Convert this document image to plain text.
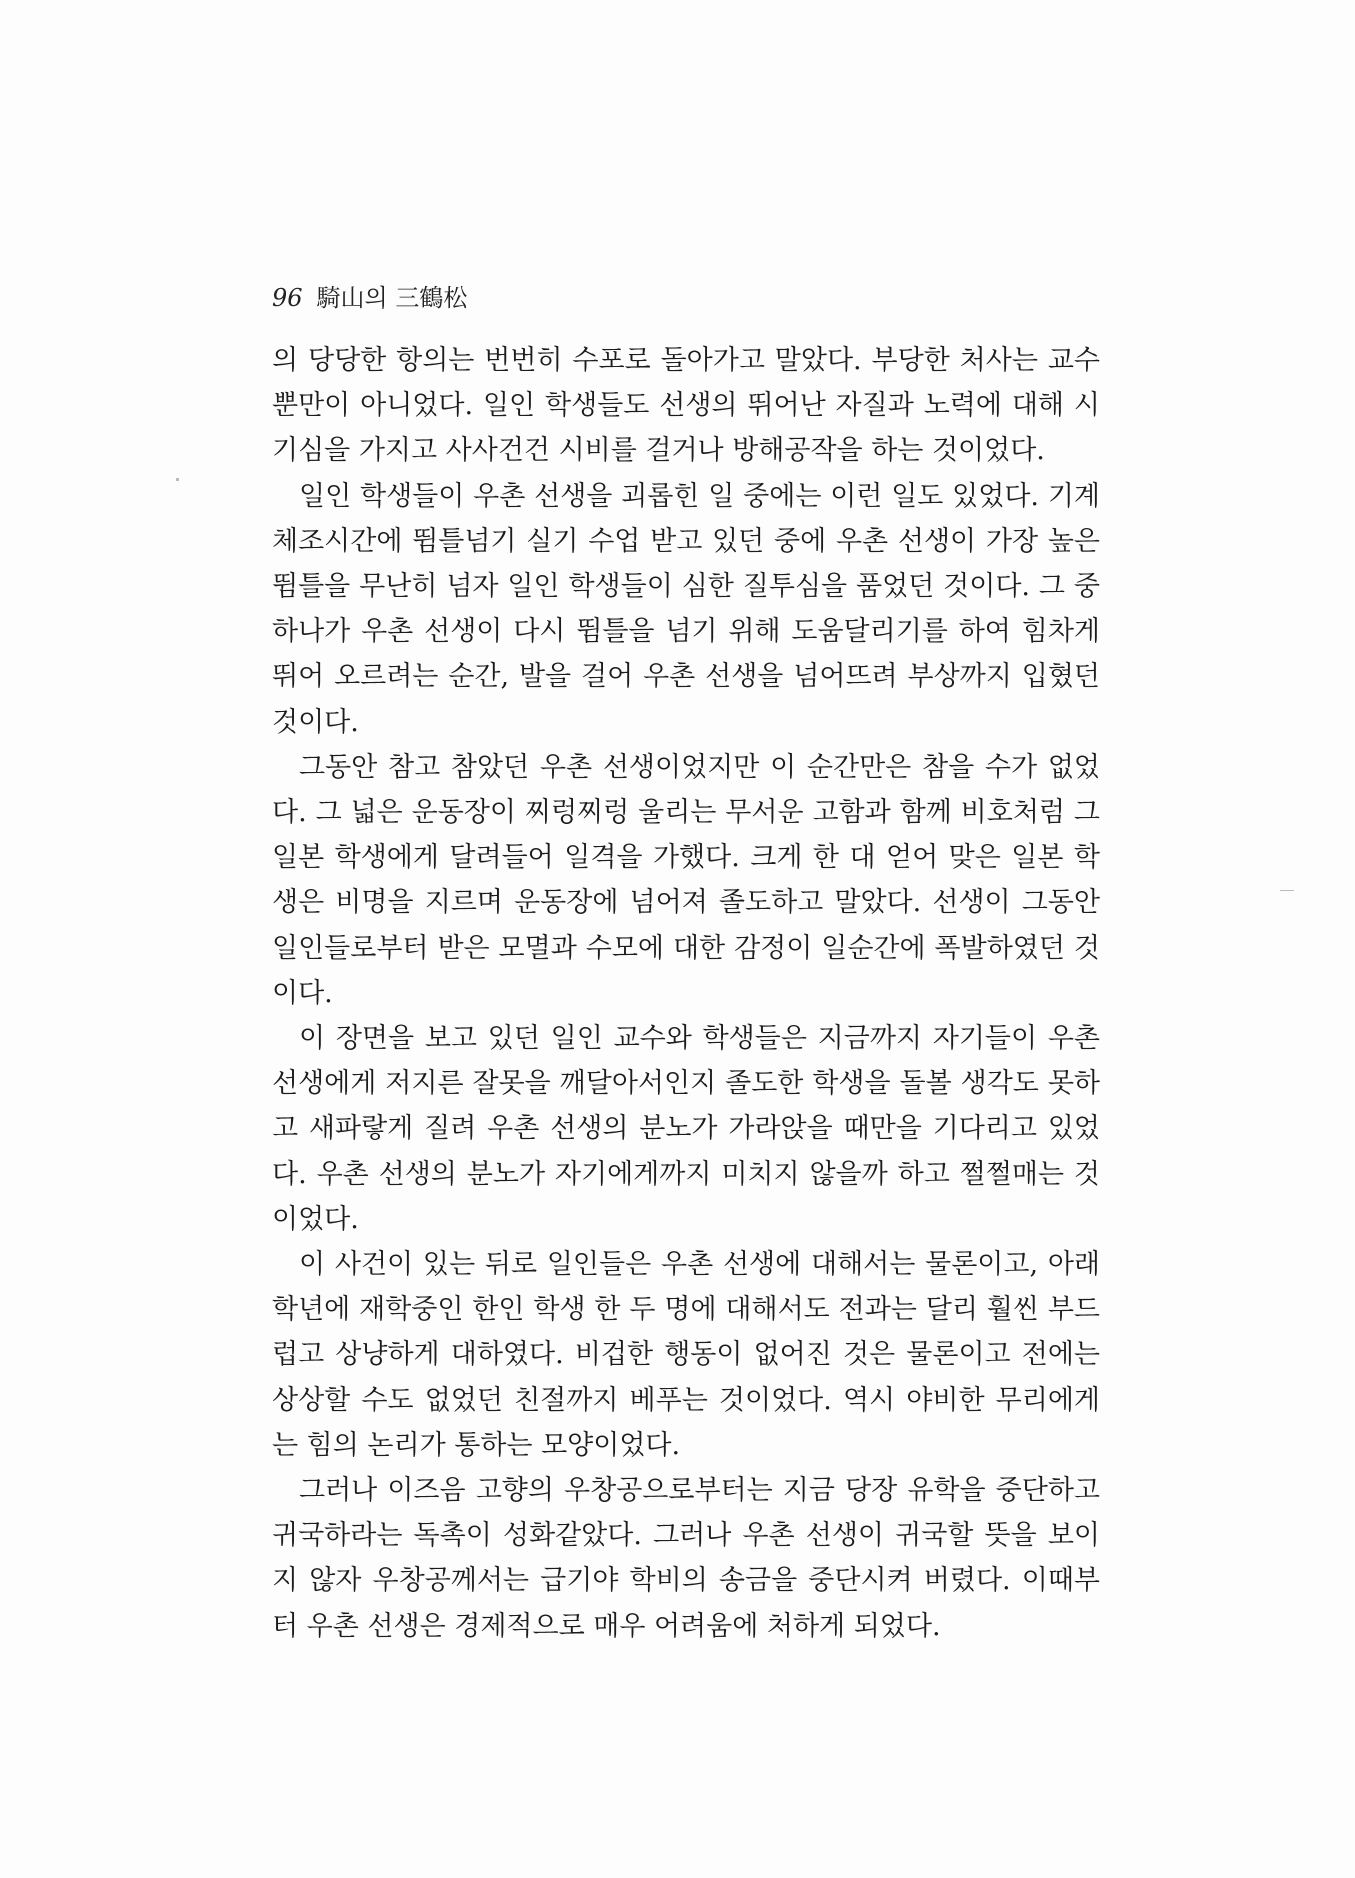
96 騎山의 三鶴松

의 당당한 항의는 번번히 수포로 돌아가고 말았다. 부당한 처사는 교수 뿐만이 아니었다. 일인 학생들도 선생의 뛰어난 자질과 노력에 대해 시기심을 가지고 사사건건 시비를 걸거나 방해공작을 하는 것이었다.

일인 학생들이 우촌 선생을 괴롭힌 일 중에는 이런 일도 있었다. 기계체조시간에 뜀틀넘기 실기 수업 받고 있던 중에 우촌 선생이 가장 높은 뜀틀을 무난히 넘자 일인 학생들이 심한 질투심을 품었던 것이다. 그 중 하나가 우촌 선생이 다시 뜀틀을 넘기 위해 도움달리기를 하여 힘차게 뛰어 오르려는 순간, 발을 걸어 우촌 선생을 넘어뜨려 부상까지 입혔던 것이다.

그동안 참고 참았던 우촌 선생이었지만 이 순간만은 참을 수가 없었다. 그 넓은 운동장이 찌렁찌렁 울리는 무서운 고함과 함께 비호처럼 그 일본 학생에게 달려들어 일격을 가했다. 크게 한 대 얻어 맞은 일본 학생은 비명을 지르며 운동장에 넘어져 졸도하고 말았다. 선생이 그동안 일인들로부터 받은 모멸과 수모에 대한 감정이 일순간에 폭발하였던 것이다.

이 장면을 보고 있던 일인 교수와 학생들은 지금까지 자기들이 우촌 선생에게 저지른 잘못을 깨달아서인지 졸도한 학생을 돌볼 생각도 못하고 새파랗게 질려 우촌 선생의 분노가 가라앉을 때만을 기다리고 있었다. 우촌 선생의 분노가 자기에게까지 미치지 않을까 하고 쩔쩔매는 것이었다.

이 사건이 있는 뒤로 일인들은 우촌 선생에 대해서는 물론이고, 아래 학년에 재학중인 한인 학생 한 두 명에 대해서도 전과는 달리 훨씬 부드럽고 상냥하게 대하였다. 비겁한 행동이 없어진 것은 물론이고 전에는 상상할 수도 없었던 친절까지 베푸는 것이었다. 역시 야비한 무리에게는 힘의 논리가 통하는 모양이었다.

그러나 이즈음 고향의 우창공으로부터는 지금 당장 유학을 중단하고 귀국하라는 독촉이 성화같았다. 그러나 우촌 선생이 귀국할 뜻을 보이지 않자 우창공께서는 급기야 학비의 송금을 중단시켜 버렸다. 이때부터 우촌 선생은 경제적으로 매우 어려움에 처하게 되었다.
